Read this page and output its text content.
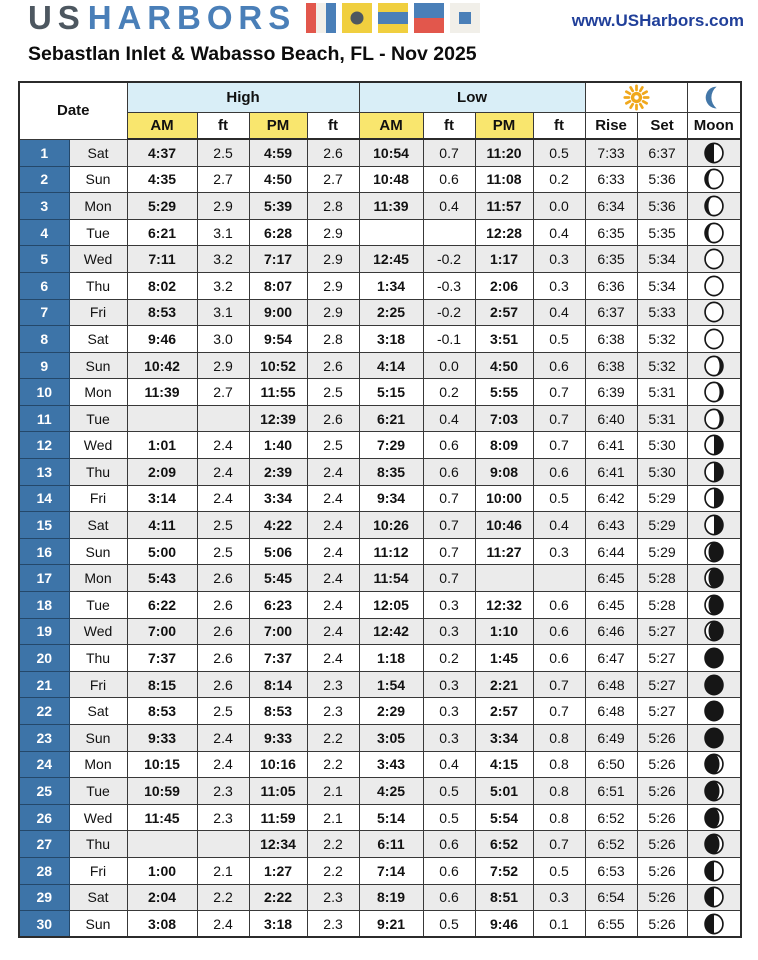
USHARBORS	www.USHarbors.com
Sebastlan Inlet & Wabasso Beach, FL - Nov 2025
Date		High				Low		
		AM	ft	PM	ft	AM	ft	PM	ft	Rise	Set	Moon
1	Sat	4:37	2.5	4:59	2.6	10:54	0.7	11:20	0.5	7:33	6:37	

2	Sun	4:35	2.7	4:50	2.7	10:48	0.6	11:08	0.2	6:33	5:36	

3	Mon	5:29	2.9	5:39	2.8	11:39	0.4	11:57	0.0	6:34	5:36	

4	Tue	6:21	3.1	6:28	2.9			12:28	0.4	6:35	5:35	

5	Wed	7:11	3.2	7:17	2.9	12:45	-0.2	1:17	0.3	6:35	5:34	

6	Thu	8:02	3.2	8:07	2.9	1:34	-0.3	2:06	0.3	6:36	5:34	

7	Fri	8:53	3.1	9:00	2.9	2:25	-0.2	2:57	0.4	6:37	5:33	

8	Sat	9:46	3.0	9:54	2.8	3:18	-0.1	3:51	0.5	6:38	5:32	

9	Sun	10:42	2.9	10:52	2.6	4:14	0.0	4:50	0.6	6:38	5:32	

10	Mon	11:39	2.7	11:55	2.5	5:15	0.2	5:55	0.7	6:39	5:31	

11	Tue			12:39	2.6	6:21	0.4	7:03	0.7	6:40	5:31	

12	Wed	1:01	2.4	1:40	2.5	7:29	0.6	8:09	0.7	6:41	5:30	

13	Thu	2:09	2.4	2:39	2.4	8:35	0.6	9:08	0.6	6:41	5:30	

14	Fri	3:14	2.4	3:34	2.4	9:34	0.7	10:00	0.5	6:42	5:29	

15	Sat	4:11	2.5	4:22	2.4	10:26	0.7	10:46	0.4	6:43	5:29	

16	Sun	5:00	2.5	5:06	2.4	11:12	0.7	11:27	0.3	6:44	5:29	

17	Mon	5:43	2.6	5:45	2.4	11:54	0.7			6:45	5:28	

18	Tue	6:22	2.6	6:23	2.4	12:05	0.3	12:32	0.6	6:45	5:28	

19	Wed	7:00	2.6	7:00	2.4	12:42	0.3	1:10	0.6	6:46	5:27	

20	Thu	7:37	2.6	7:37	2.4	1:18	0.2	1:45	0.6	6:47	5:27	

21	Fri	8:15	2.6	8:14	2.3	1:54	0.3	2:21	0.7	6:48	5:27	

22	Sat	8:53	2.5	8:53	2.3	2:29	0.3	2:57	0.7	6:48	5:27	

23	Sun	9:33	2.4	9:33	2.2	3:05	0.3	3:34	0.8	6:49	5:26	

24	Mon	10:15	2.4	10:16	2.2	3:43	0.4	4:15	0.8	6:50	5:26	

25	Tue	10:59	2.3	11:05	2.1	4:25	0.5	5:01	0.8	6:51	5:26	

26	Wed	11:45	2.3	11:59	2.1	5:14	0.5	5:54	0.8	6:52	5:26	

27	Thu			12:34	2.2	6:11	0.6	6:52	0.7	6:52	5:26	

28	Fri	1:00	2.1	1:27	2.2	7:14	0.6	7:52	0.5	6:53	5:26	

29	Sat	2:04	2.2	2:22	2.3	8:19	0.6	8:51	0.3	6:54	5:26	

30	Sun	3:08	2.4	3:18	2.3	9:21	0.5	9:46	0.1	6:55	5:26	
